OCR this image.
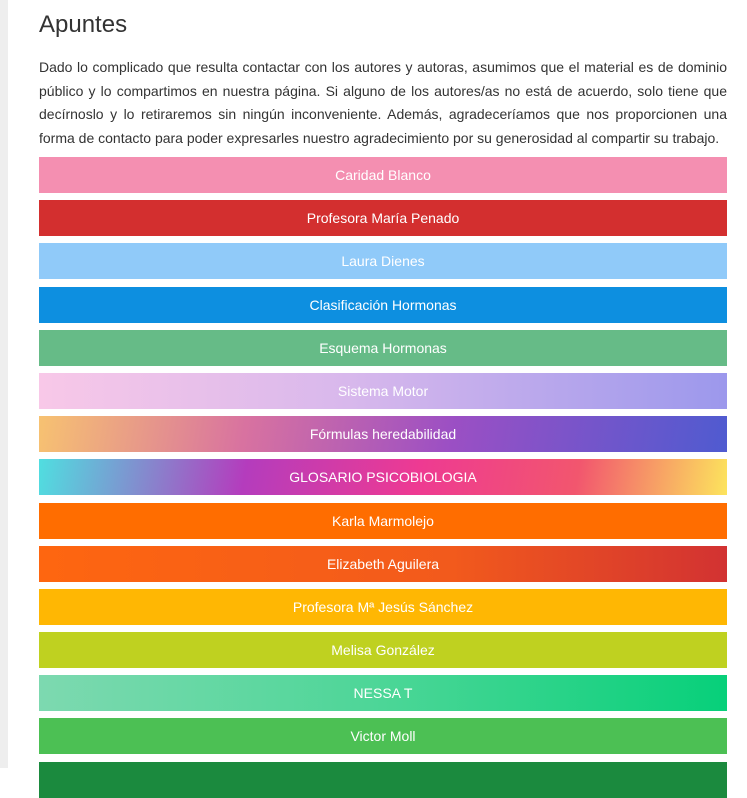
Apuntes

Dado lo complicado que resulta contactar con los autores y autoras, asumimos que el material es de dominio público y lo compartimos en nuestra página. Si alguno de los autores/as no está de acuerdo, solo tiene que decírnoslo y lo retiraremos sin ningún inconveniente. Además, agradeceríamos que nos proporcionen una forma de contacto para poder expresarles nuestro agradecimiento por su generosidad al compartir su trabajo.

Caridad Blanco
Profesora María Penado
Laura Dienes
Clasificación Hormonas
Esquema Hormonas
Sistema Motor
Fórmulas heredabilidad
GLOSARIO PSICOBIOLOGIA
Karla Marmolejo
Elizabeth Aguilera
Profesora Mª Jesús Sánchez
Melisa González
NESSA T
Victor Moll
